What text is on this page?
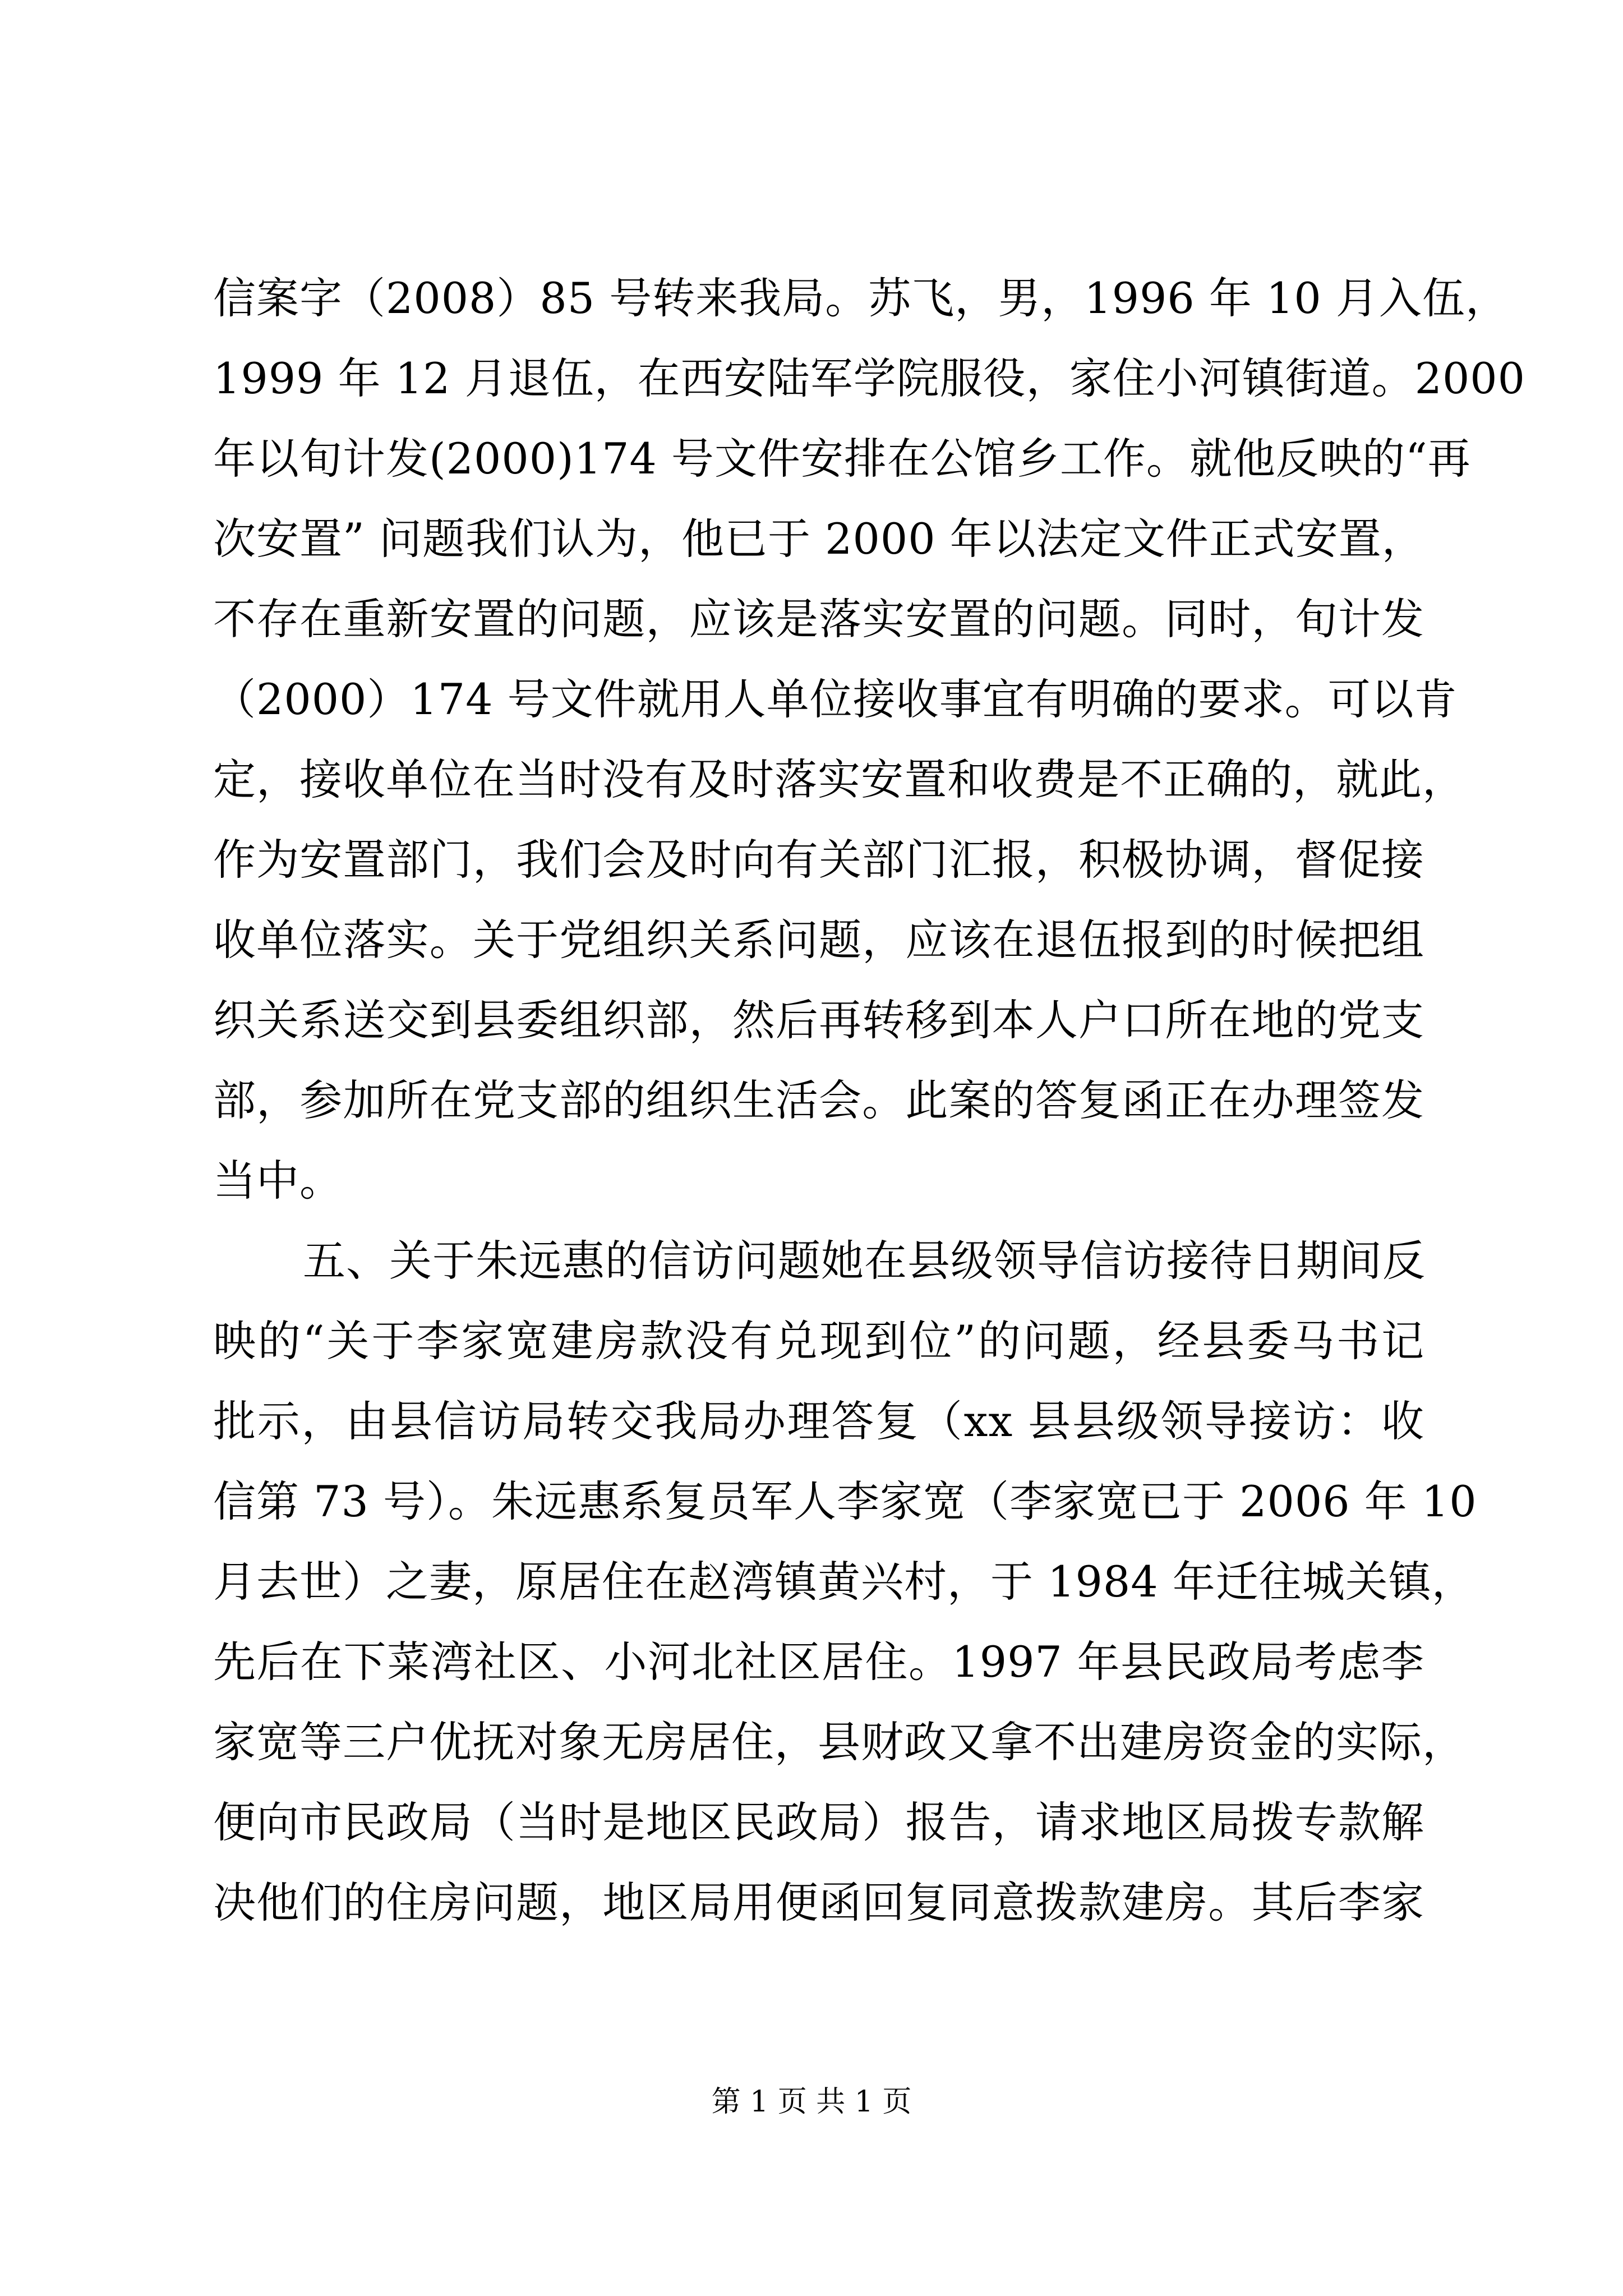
信案字（2008）85 号转来我局。苏飞，男，1996 年 10 月入伍，
1999 年 12 月退伍，在西安陆军学院服役，家住小河镇街道。2000
年以旬计发(2000)174 号文件安排在公馆乡工作。就他反映的“再
次安置” 问题我们认为，他已于 2000 年以法定文件正式安置，
不存在重新安置的问题，应该是落实安置的问题。同时，旬计发
（2000）174 号文件就用人单位接收事宜有明确的要求。可以肯
定，接收单位在当时没有及时落实安置和收费是不正确的，就此，
作为安置部门，我们会及时向有关部门汇报，积极协调，督促接
收单位落实。关于党组织关系问题，应该在退伍报到的时候把组
织关系送交到县委组织部，然后再转移到本人户口所在地的党支
部，参加所在党支部的组织生活会。此案的答复函正在办理签发
当中。
五、关于朱远惠的信访问题她在县级领导信访接待日期间反
映的“关于李家宽建房款没有兑现到位”的问题，经县委马书记
批示，由县信访局转交我局办理答复（xx 县县级领导接访：收
信第 73 号）。朱远惠系复员军人李家宽（李家宽已于 2006 年 10
月去世）之妻，原居住在赵湾镇黄兴村，于 1984 年迁往城关镇，
先后在下菜湾社区、小河北社区居住。1997 年县民政局考虑李
家宽等三户优抚对象无房居住，县财政又拿不出建房资金的实际，
便向市民政局（当时是地区民政局）报告，请求地区局拨专款解
决他们的住房问题，地区局用便函回复同意拨款建房。其后李家
第 1 页 共 1 页
